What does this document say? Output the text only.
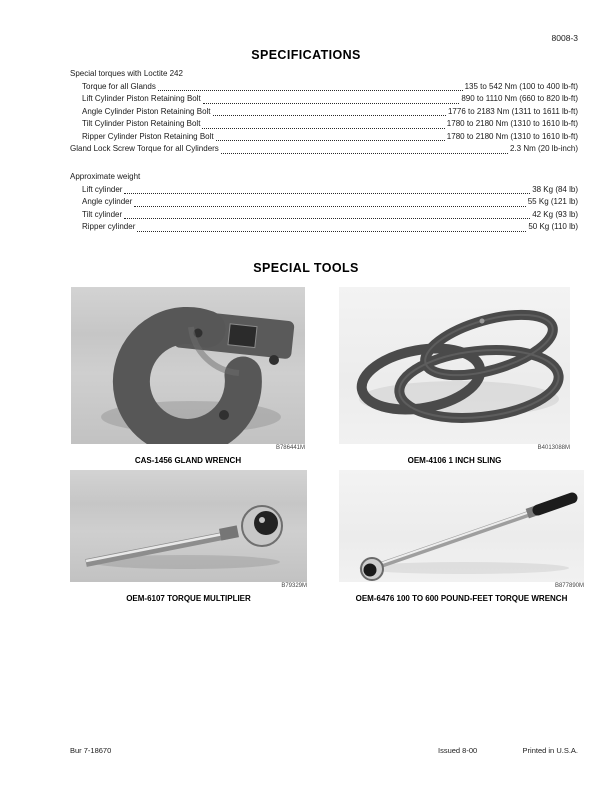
8008-3
SPECIFICATIONS
Special torques with Loctite 242
Torque for all Glands	135 to 542 Nm (100 to 400 lb-ft)
Lift Cylinder Piston Retaining Bolt	890 to 1110 Nm (660 to 820 lb-ft)
Angle Cylinder Piston Retaining Bolt	1776 to 2183 Nm (1311 to 1611 lb-ft)
Tilt Cylinder Piston Retaining Bolt	1780 to 2180 Nm (1310 to 1610 lb-ft)
Ripper Cylinder Piston Retaining Bolt	1780 to 2180 Nm (1310 to 1610 lb-ft)
Gland Lock Screw Torque for all Cylinders	2.3 Nm (20 lb-inch)
Approximate weight
Lift cylinder	38 Kg (84 lb)
Angle cylinder	55 Kg (121 lb)
Tilt cylinder	42 Kg (93 lb)
Ripper cylinder	50 Kg (110 lb)
SPECIAL TOOLS
B786441M
CAS-1456 GLAND WRENCH
B4013088M
OEM-4106 1 INCH SLING
B79329M
OEM-6107 TORQUE MULTIPLIER
B877890M
OEM-6476 100 TO 600 POUND-FEET TORQUE WRENCH
Bur 7-18670	Issued 8-00	Printed in U.S.A.
